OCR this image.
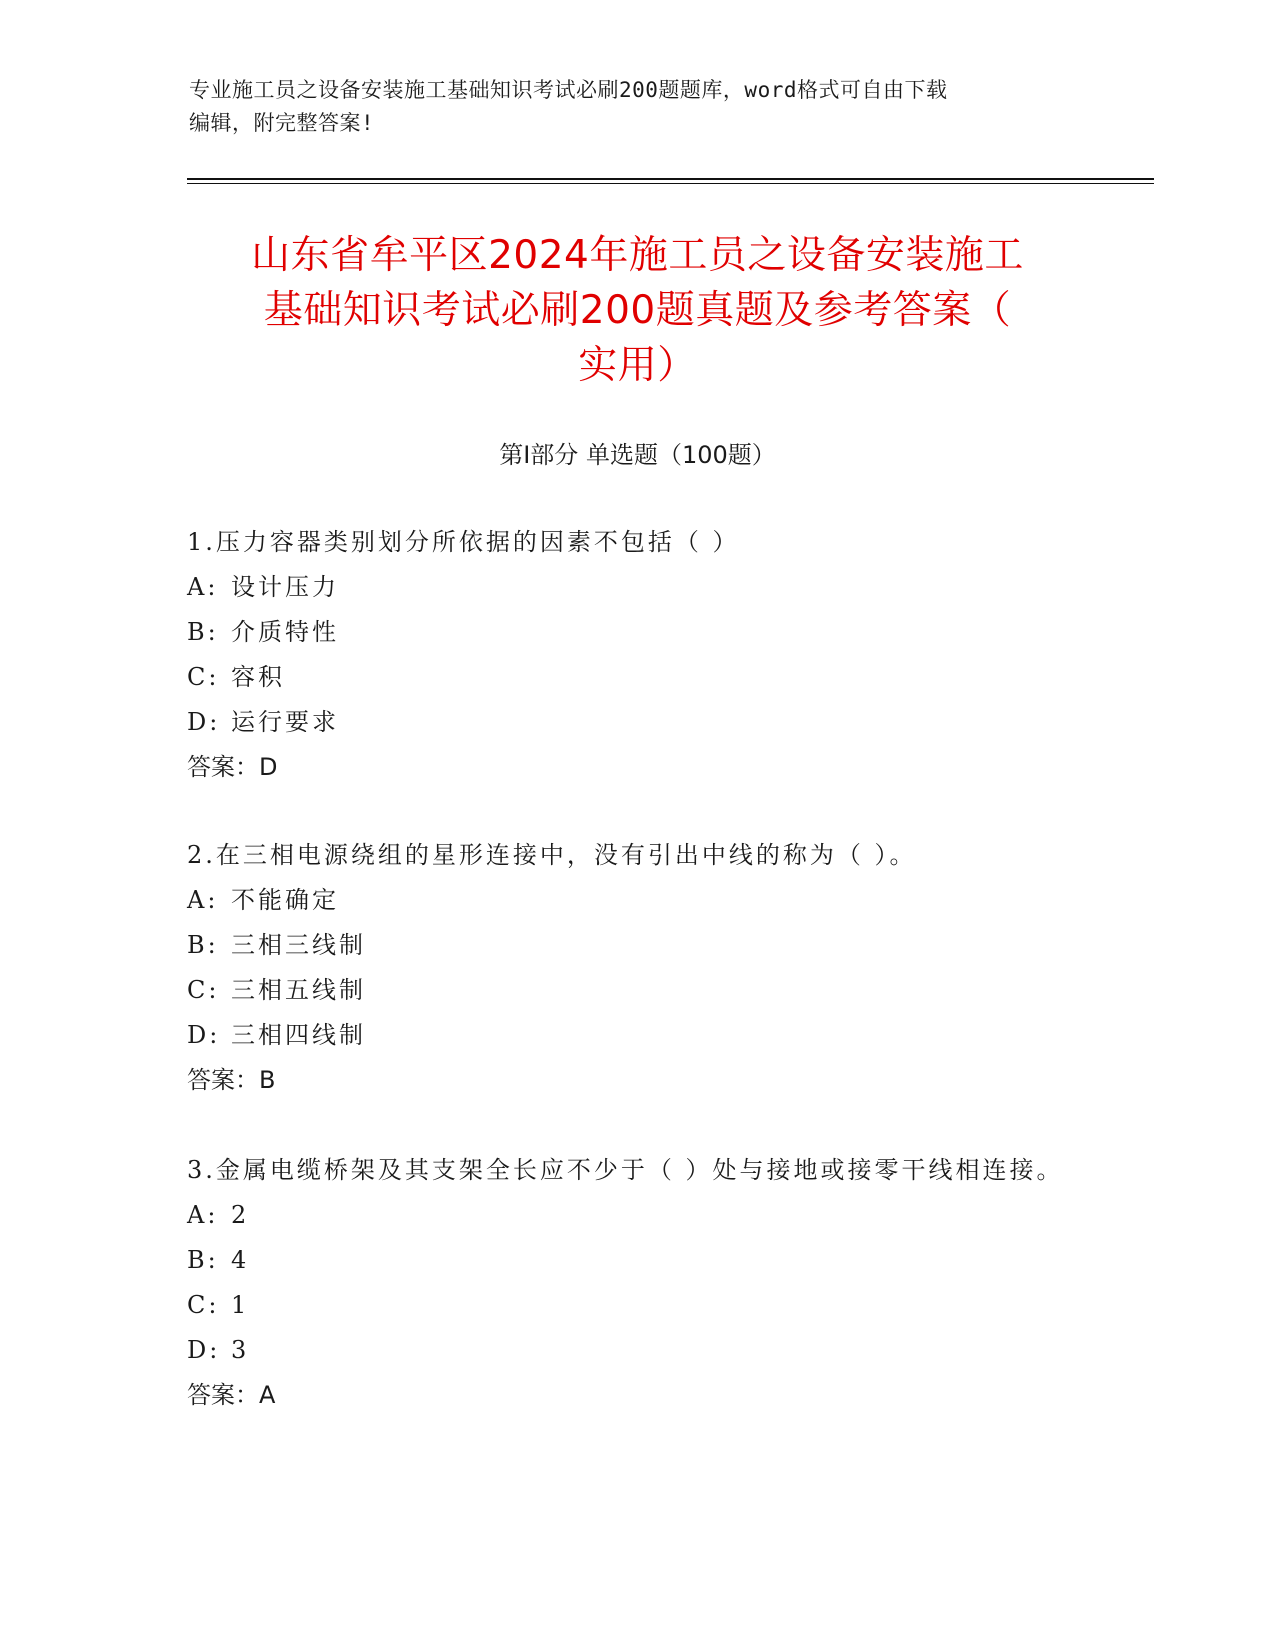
专业施工员之设备安装施工基础知识考试必刷200题题库，word格式可自由下载
编辑，附完整答案!
山东省牟平区2024年施工员之设备安装施工
基础知识考试必刷200题真题及参考答案（
实用）
第Ⅰ部分 单选题（100题）

1.压力容器类别划分所依据的因素不包括（ ）

A: 设计压力

B: 介质特性

C: 容积

D: 运行要求

答案：D

2.在三相电源绕组的星形连接中，没有引出中线的称为（ ）。

A: 不能确定

B: 三相三线制

C: 三相五线制

D: 三相四线制

答案：B

3.金属电缆桥架及其支架全长应不少于（ ）处与接地或接零干线相连接。

A: 2

B: 4

C: 1

D: 3

答案：A
